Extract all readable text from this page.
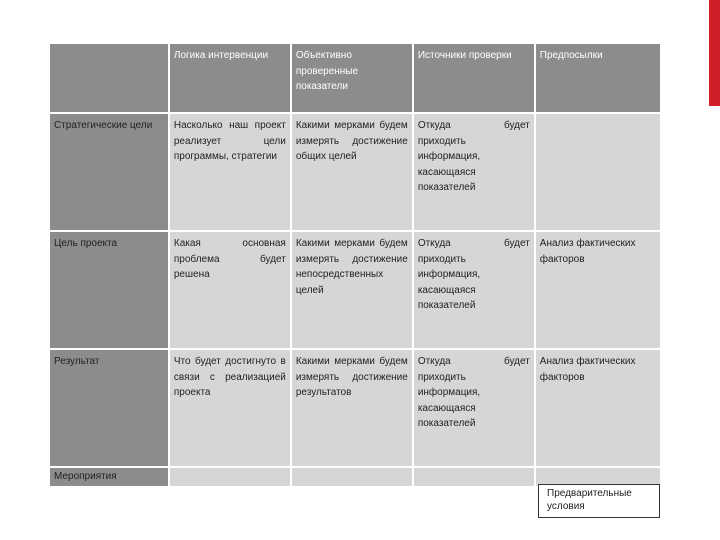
	Логика интервенции	Объективно проверенные показатели	Источники проверки	Предпосылки
Стратегические цели	Насколько наш проект реализует цели программы, стратегии	Какими мерками будем измерять достижение общих целей	Откуда будет приходить информация, касающаяся показателей	
Цель проекта	Какая основная проблема будет решена	Какими мерками будем измерять достижение непосредственных целей	Откуда будет приходить информация, касающаяся показателей	Анализ фактических факторов
Результат	Что будет достигнуто в связи с реализацией проекта	Какими мерками будем измерять достижение результатов	Откуда будет приходить информация, касающаяся показателей	Анализ фактических факторов
Мероприятия				
Предварительные условия
